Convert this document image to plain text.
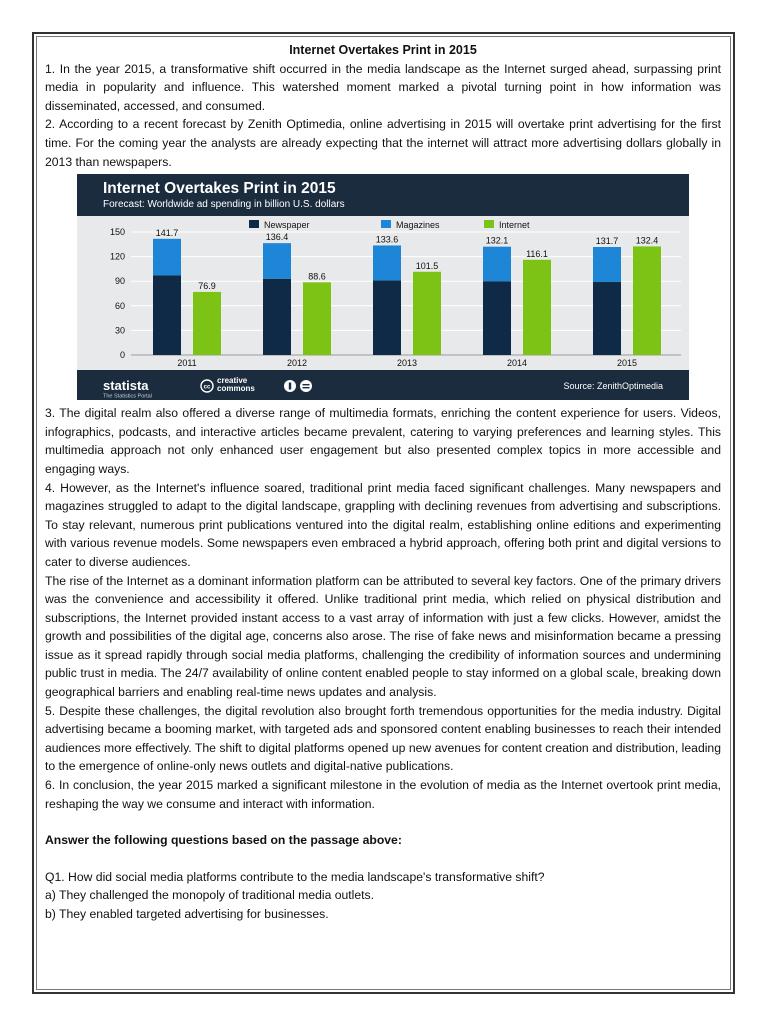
Internet Overtakes Print in 2015

1. In the year 2015, a transformative shift occurred in the media landscape as the Internet surged ahead, surpassing print media in popularity and influence. This watershed moment marked a pivotal turning point in how information was disseminated, accessed, and consumed.

2. According to a recent forecast by Zenith Optimedia, online advertising in 2015 will overtake print advertising for the first time. For the coming year the analysts are already expecting that the internet will attract more advertising dollars globally in 2013 than newspapers.

Internet Overtakes Print in 2015
Forecast: Worldwide ad spending in billion U.S. dollars
Newspaper	Magazines	Internet
150
120
90
60
30
0
141.7
76.9
136.4
88.6
133.6
101.5
132.1
116.1
131.7 132.4
2011	2012	2013	2014	2015
statista
The Statistics Portal
cc
creative
commons	Source: ZenithOptimedia

3. The digital realm also offered a diverse range of multimedia formats, enriching the content experience for users. Videos, infographics, podcasts, and interactive articles became prevalent, catering to varying preferences and learning styles. This multimedia approach not only enhanced user engagement but also presented complex topics in more accessible and engaging ways.

4. However, as the Internet's influence soared, traditional print media faced significant challenges. Many newspapers and magazines struggled to adapt to the digital landscape, grappling with declining revenues from advertising and subscriptions. To stay relevant, numerous print publications ventured into the digital realm, establishing online editions and experimenting with various revenue models. Some newspapers even embraced a hybrid approach, offering both print and digital versions to cater to diverse audiences.

The rise of the Internet as a dominant information platform can be attributed to several key factors. One of the primary drivers was the convenience and accessibility it offered. Unlike traditional print media, which relied on physical distribution and subscriptions, the Internet provided instant access to a vast array of information with just a few clicks. However, amidst the growth and possibilities of the digital age, concerns also arose. The rise of fake news and misinformation became a pressing issue as it spread rapidly through social media platforms, challenging the credibility of information sources and undermining public trust in media. The 24/7 availability of online content enabled people to stay informed on a global scale, breaking down geographical barriers and enabling real-time news updates and analysis.

5. Despite these challenges, the digital revolution also brought forth tremendous opportunities for the media industry. Digital advertising became a booming market, with targeted ads and sponsored content enabling businesses to reach their intended audiences more effectively. The shift to digital platforms opened up new avenues for content creation and distribution, leading to the emergence of online-only news outlets and digital-native publications.

6. In conclusion, the year 2015 marked a significant milestone in the evolution of media as the Internet overtook print media, reshaping the way we consume and interact with information.

Answer the following questions based on the passage above:

Q1. How did social media platforms contribute to the media landscape's transformative shift?

a) They challenged the monopoly of traditional media outlets.

b) They enabled targeted advertising for businesses.
